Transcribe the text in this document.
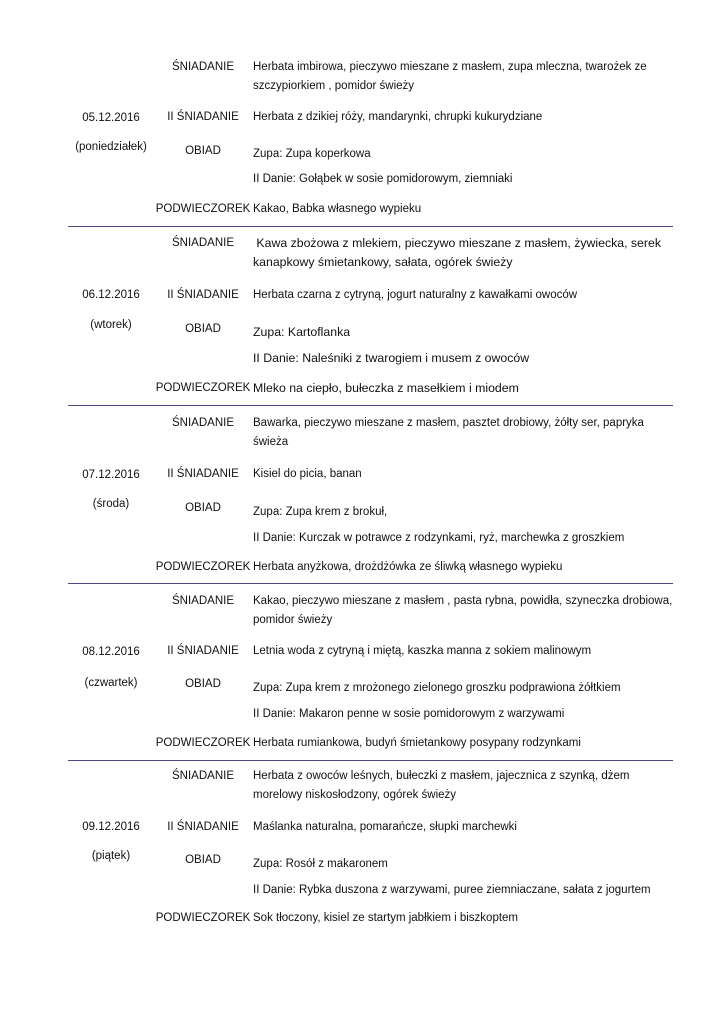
05.12.2016
(poniedziałek)
ŚNIADANIE	Herbata imbirowa, pieczywo mieszane z masłem, zupa mleczna, twarożek ze
szczypiorkiem , pomidor świeży
II ŚNIADANIE	Herbata z dzikiej róży, mandarynki, chrupki kukurydziane
OBIAD	Zupa: Zupa koperkowa
II Danie: Gołąbek w sosie pomidorowym, ziemniaki
PODWIECZOREK Kakao, Babka własnego wypieku
06.12.2016
(wtorek)
ŚNIADANIE	Kawa zbożowa z mlekiem, pieczywo mieszane z masłem, żywiecka, serek
kanapkowy śmietankowy, sałata, ogórek świeży
II ŚNIADANIE	Herbata czarna z cytryną, jogurt naturalny z kawałkami owoców
OBIAD	Zupa: Kartoflanka
II Danie: Naleśniki z twarogiem i musem z owoców
PODWIECZOREK Mleko na ciepło, bułeczka z masełkiem i miodem
07.12.2016
(środa)
ŚNIADANIE	Bawarka, pieczywo mieszane z masłem, pasztet drobiowy, żółty ser, papryka
świeża
II ŚNIADANIE	Kisiel do picia, banan
OBIAD	Zupa: Zupa krem z brokuł,
II Danie: Kurczak w potrawce z rodzynkami, ryż, marchewka z groszkiem
PODWIECZOREK Herbata anyżkowa, drożdżówka ze śliwką własnego wypieku
08.12.2016
(czwartek)
ŚNIADANIE	Kakao, pieczywo mieszane z masłem , pasta rybna, powidła, szyneczka drobiowa,
pomidor świeży
II ŚNIADANIE	Letnia woda z cytryną i miętą, kaszka manna z sokiem malinowym
OBIAD	Zupa: Zupa krem z mrożonego zielonego groszku podprawiona żółtkiem
II Danie: Makaron penne w sosie pomidorowym z warzywami
PODWIECZOREK Herbata rumiankowa, budyń śmietankowy posypany rodzynkami
09.12.2016
(piątek)
ŚNIADANIE	Herbata z owoców leśnych, bułeczki z masłem, jajecznica z szynką, dżem
morelowy niskosłodzony, ogórek świeży
II ŚNIADANIE	Maślanka naturalna, pomarańcze, słupki marchewki
OBIAD	Zupa: Rosół z makaronem
II Danie: Rybka duszona z warzywami, puree ziemniaczane, sałata z jogurtem
PODWIECZOREK Sok tłoczony, kisiel ze startym jabłkiem i biszkoptem
